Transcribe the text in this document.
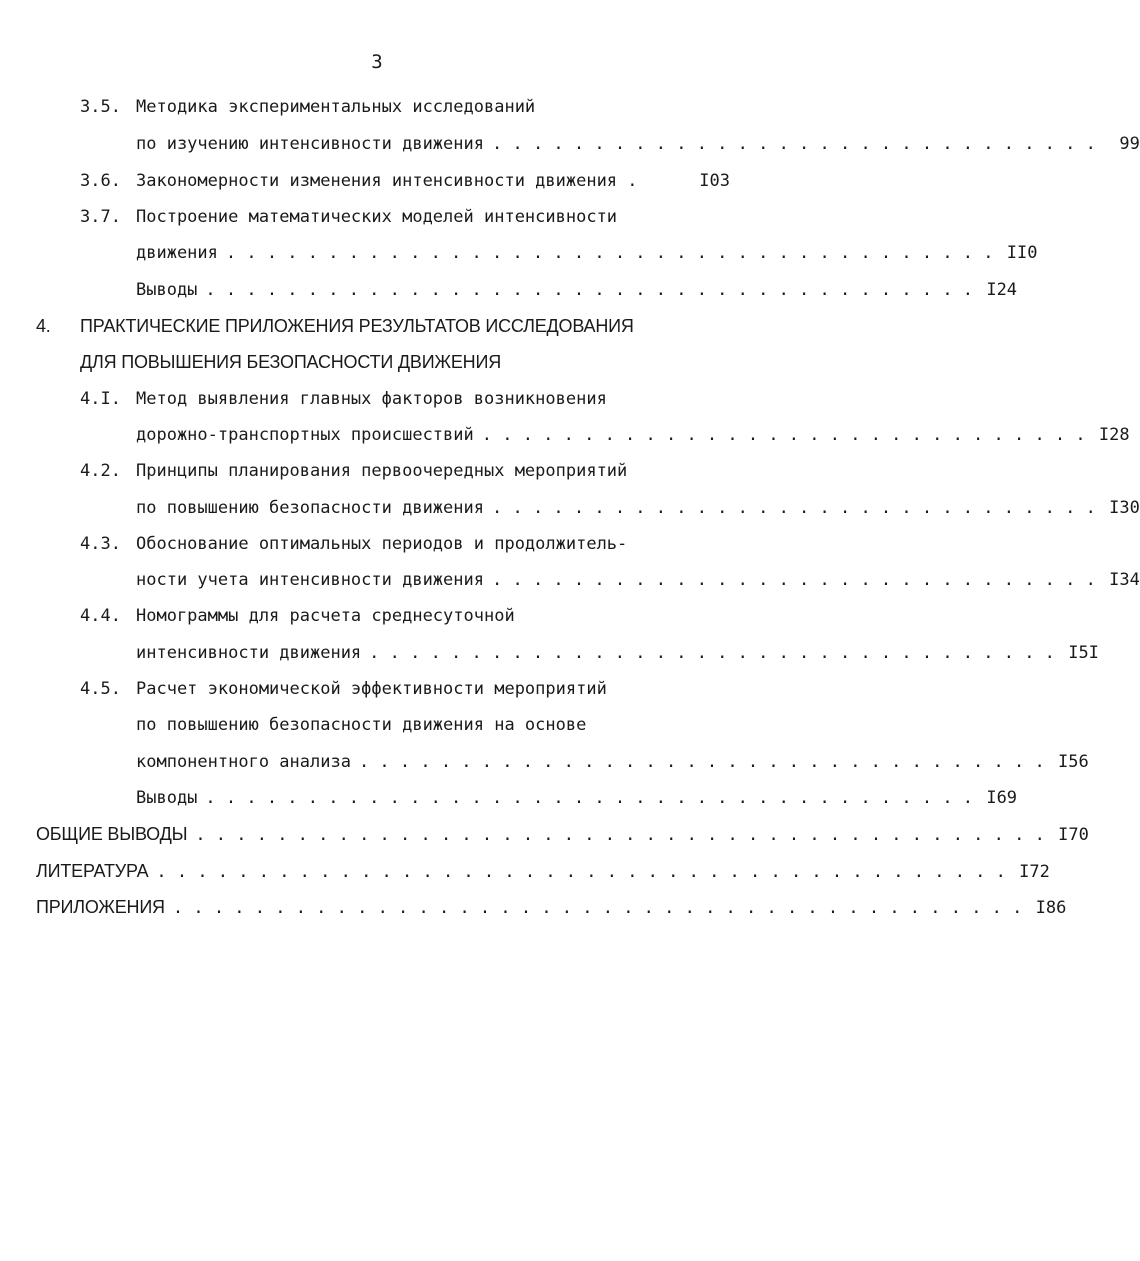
3
3.5. Методика экспериментальных исследований
по изучению интенсивности движения . . . . . . . . . . . . . . . . . . . . . . . . . . . . . .	99
3.6. Закономерности изменения интенсивности движения .	I03
3.7. Построение математических моделей интенсивности
движения . . . . . . . . . . . . . . . . . . . . . . . . . . . . . . . . . . . . . . II0
Выводы . . . . . . . . . . . . . . . . . . . . . . . . . . . . . . . . . . . . . . I24
4.	ПРАКТИЧЕСКИЕ ПРИЛОЖЕНИЯ РЕЗУЛЬТАТОВ ИССЛЕДОВАНИЯ
ДЛЯ ПОВЫШЕНИЯ БЕЗОПАСНОСТИ ДВИЖЕНИЯ
4.I. Метод выявления главных факторов возникновения
дорожно-транспортных происшествий . . . . . . . . . . . . . . . . . . . . . . . . . . . . . . I28
4.2. Принципы планирования первоочередных мероприятий
по повышению безопасности движения . . . . . . . . . . . . . . . . . . . . . . . . . . . . . . I30
4.3. Обоснование оптимальных периодов и продолжитель-
ности учета интенсивности движения . . . . . . . . . . . . . . . . . . . . . . . . . . . . . . I34
4.4. Номограммы для расчета среднесуточной
интенсивности движения . . . . . . . . . . . . . . . . . . . . . . . . . . . . . . . . . . I5I
4.5. Расчет экономической эффективности мероприятий
по повышению безопасности движения на основе
компонентного анализа . . . . . . . . . . . . . . . . . . . . . . . . . . . . . . . . . . I56
Выводы . . . . . . . . . . . . . . . . . . . . . . . . . . . . . . . . . . . . . . I69
ОБЩИЕ ВЫВОДЫ . . . . . . . . . . . . . . . . . . . . . . . . . . . . . . . . . . . . . . . . . . I70
ЛИТЕРАТУРА . . . . . . . . . . . . . . . . . . . . . . . . . . . . . . . . . . . . . . . . . . I72
ПРИЛОЖЕНИЯ . . . . . . . . . . . . . . . . . . . . . . . . . . . . . . . . . . . . . . . . . . I86
